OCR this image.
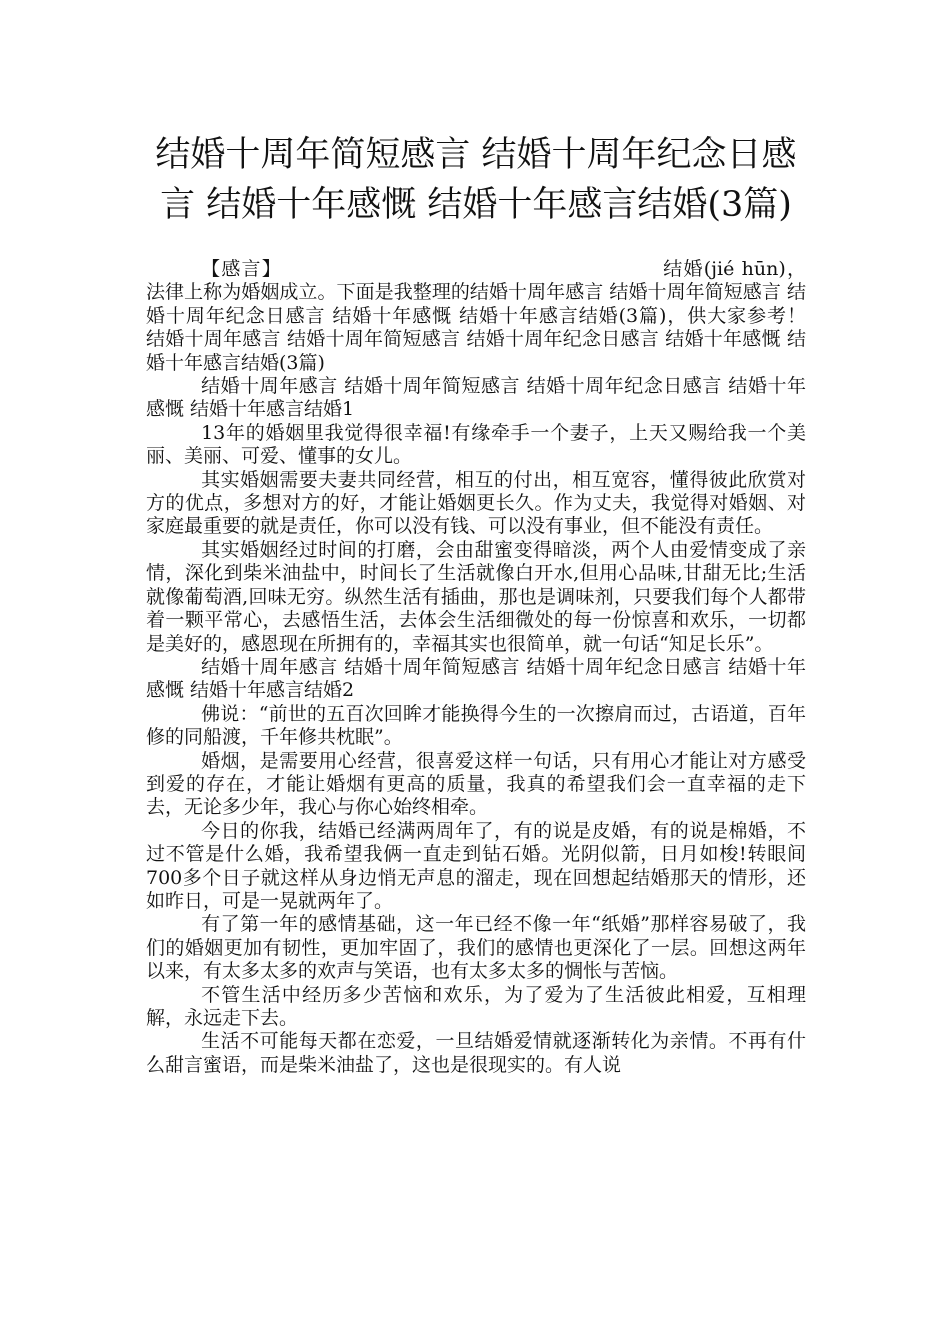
结婚十周年简短感言 结婚十周年纪念日感言 结婚十年感慨 结婚十年感言结婚(3篇)

【感言】	结婚(jié hūn)，法律上称为婚姻成立。下面是我整理的结婚十周年感言 结婚十周年简短感言 结婚十周年纪念日感言 结婚十年感慨 结婚十年感言结婚(3篇)，供大家参考！　　结婚十周年感言 结婚十周年简短感言 结婚十周年纪念日感言 结婚十年感慨 结婚十年感言结婚(3篇)

结婚十周年感言 结婚十周年简短感言 结婚十周年纪念日感言 结婚十年感慨 结婚十年感言结婚1

13年的婚姻里我觉得很幸福!有缘牵手一个妻子，上天又赐给我一个美丽、美丽、可爱、懂事的女儿。

其实婚姻需要夫妻共同经营，相互的付出，相互宽容，懂得彼此欣赏对方的优点，多想对方的好，才能让婚姻更长久。作为丈夫，我觉得对婚姻、对家庭最重要的就是责任，你可以没有钱、可以没有事业，但不能没有责任。

其实婚姻经过时间的打磨，会由甜蜜变得暗淡，两个人由爱情变成了亲情，深化到柴米油盐中，时间长了生活就像白开水,但用心品味,甘甜无比;生活就像葡萄酒,回味无穷。纵然生活有插曲，那也是调味剂，只要我们每个人都带着一颗平常心，去感悟生活，去体会生活细微处的每一份惊喜和欢乐，一切都是美好的，感恩现在所拥有的，幸福其实也很简单，就一句话“知足长乐”。

结婚十周年感言 结婚十周年简短感言 结婚十周年纪念日感言 结婚十年感慨 结婚十年感言结婚2

佛说：“前世的五百次回眸才能换得今生的一次擦肩而过，古语道，百年修的同船渡，千年修共枕眠”。

婚烟，是需要用心经营，很喜爱这样一句话，只有用心才能让对方感受到爱的存在，才能让婚烟有更高的质量，我真的希望我们会一直幸福的走下去，无论多少年，我心与你心始终相牵。

今日的你我，结婚已经满两周年了，有的说是皮婚，有的说是棉婚，不过不管是什么婚，我希望我俩一直走到钻石婚。光阴似箭，日月如梭!转眼间700多个日子就这样从身边悄无声息的溜走，现在回想起结婚那天的情形，还如昨日，可是一晃就两年了。

有了第一年的感情基础，这一年已经不像一年“纸婚”那样容易破了，我们的婚姻更加有韧性，更加牢固了，我们的感情也更深化了一层。回想这两年以来，有太多太多的欢声与笑语，也有太多太多的惆怅与苦恼。

不管生活中经历多少苦恼和欢乐，为了爱为了生活彼此相爱，互相理解，永远走下去。

生活不可能每天都在恋爱，一旦结婚爱情就逐渐转化为亲情。不再有什么甜言蜜语，而是柴米油盐了，这也是很现实的。有人说
